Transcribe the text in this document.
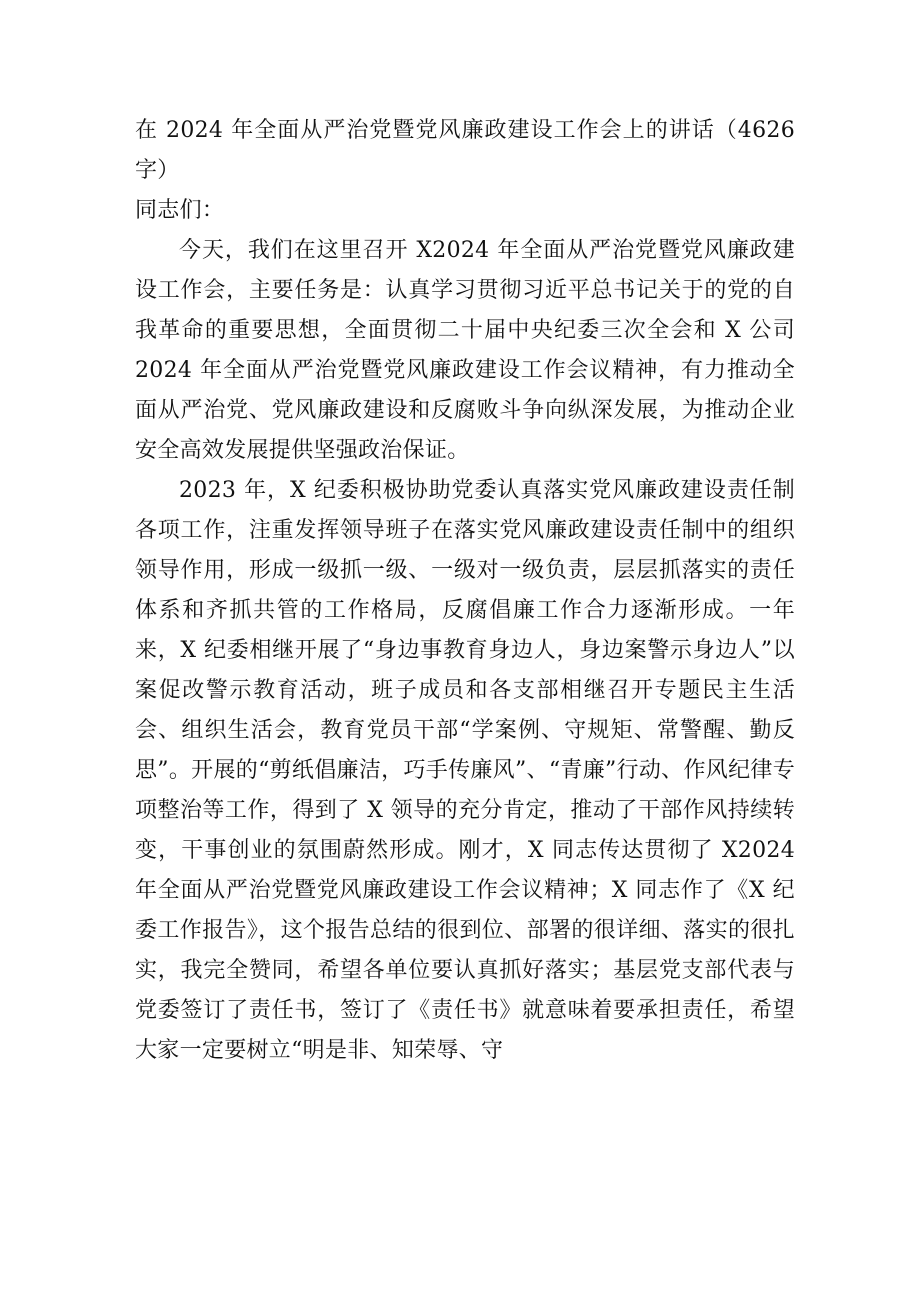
在 2024 年全面从严治党暨党风廉政建设工作会上的讲话（4626 字）

同志们：

今天，我们在这里召开 X2024 年全面从严治党暨党风廉政建设工作会，主要任务是：认真学习贯彻习近平总书记关于的党的自我革命的重要思想，全面贯彻二十届中央纪委三次全会和 X 公司 2024 年全面从严治党暨党风廉政建设工作会议精神，有力推动全面从严治党、党风廉政建设和反腐败斗争向纵深发展，为推动企业安全高效发展提供坚强政治保证。

2023 年，X 纪委积极协助党委认真落实党风廉政建设责任制各项工作，注重发挥领导班子在落实党风廉政建设责任制中的组织领导作用，形成一级抓一级、一级对一级负责，层层抓落实的责任体系和齐抓共管的工作格局，反腐倡廉工作合力逐渐形成。一年来，X 纪委相继开展了“身边事教育身边人，身边案警示身边人”以案促改警示教育活动，班子成员和各支部相继召开专题民主生活会、组织生活会，教育党员干部“学案例、守规矩、常警醒、勤反思”。开展的“剪纸倡廉洁，巧手传廉风”、“青廉”行动、作风纪律专项整治等工作，得到了 X 领导的充分肯定，推动了干部作风持续转变，干事创业的氛围蔚然形成。刚才，X 同志传达贯彻了 X2024 年全面从严治党暨党风廉政建设工作会议精神；X 同志作了《X 纪委工作报告》，这个报告总结的很到位、部署的很详细、落实的很扎实，我完全赞同，希望各单位要认真抓好落实；基层党支部代表与党委签订了责任书，签订了《责任书》就意味着要承担责任，希望大家一定要树立“明是非、知荣辱、守
